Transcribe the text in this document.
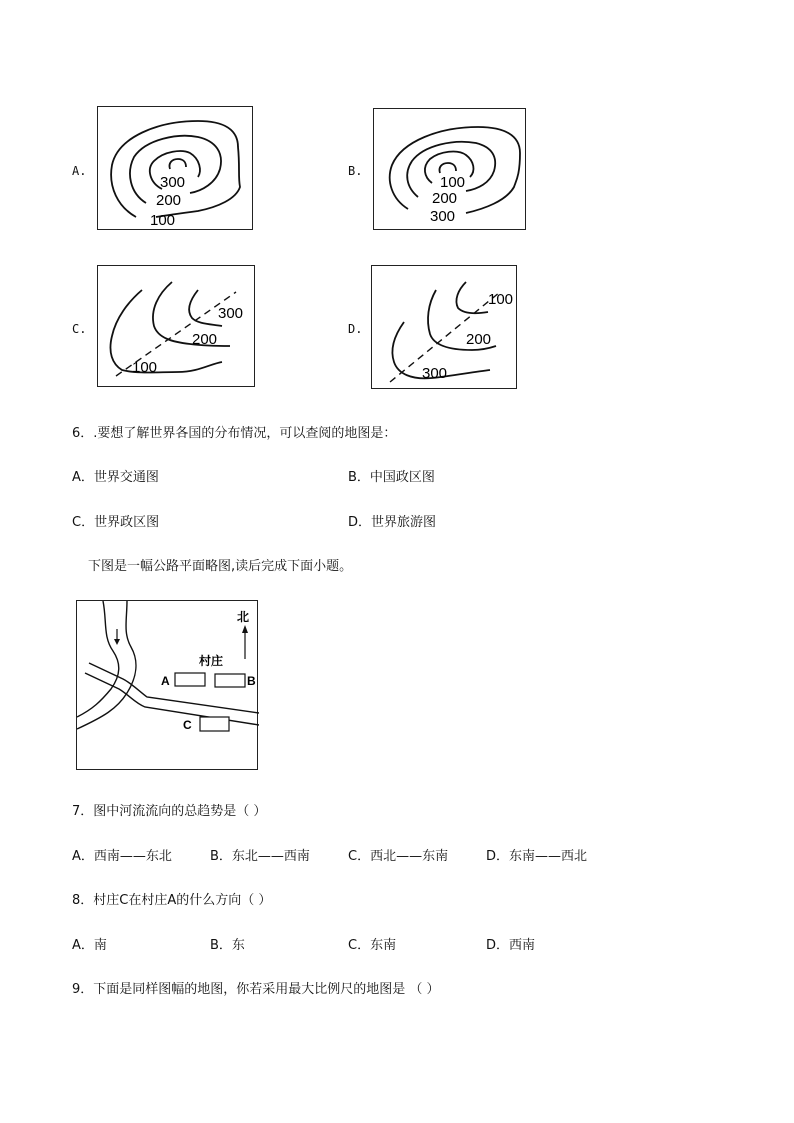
A.
300
200
100
B.
100
200
300
C.
300
200
100
D.
100
200
300
6．.要想了解世界各国的分布情况，可以查阅的地图是：
A．世界交通图	B．中国政区图
C．世界政区图	D．世界旅游图
下图是一幅公路平面略图,读后完成下面小题。
北
村庄
A	B
C
7．图中河流流向的总趋势是（ ）
A．西南——东北	B．东北——西南	C．西北——东南	D．东南——西北
8．村庄C在村庄A的什么方向（ ）
A．南	B．东	C．东南	D．西南
9．下面是同样图幅的地图，你若采用最大比例尺的地图是 （ ）
